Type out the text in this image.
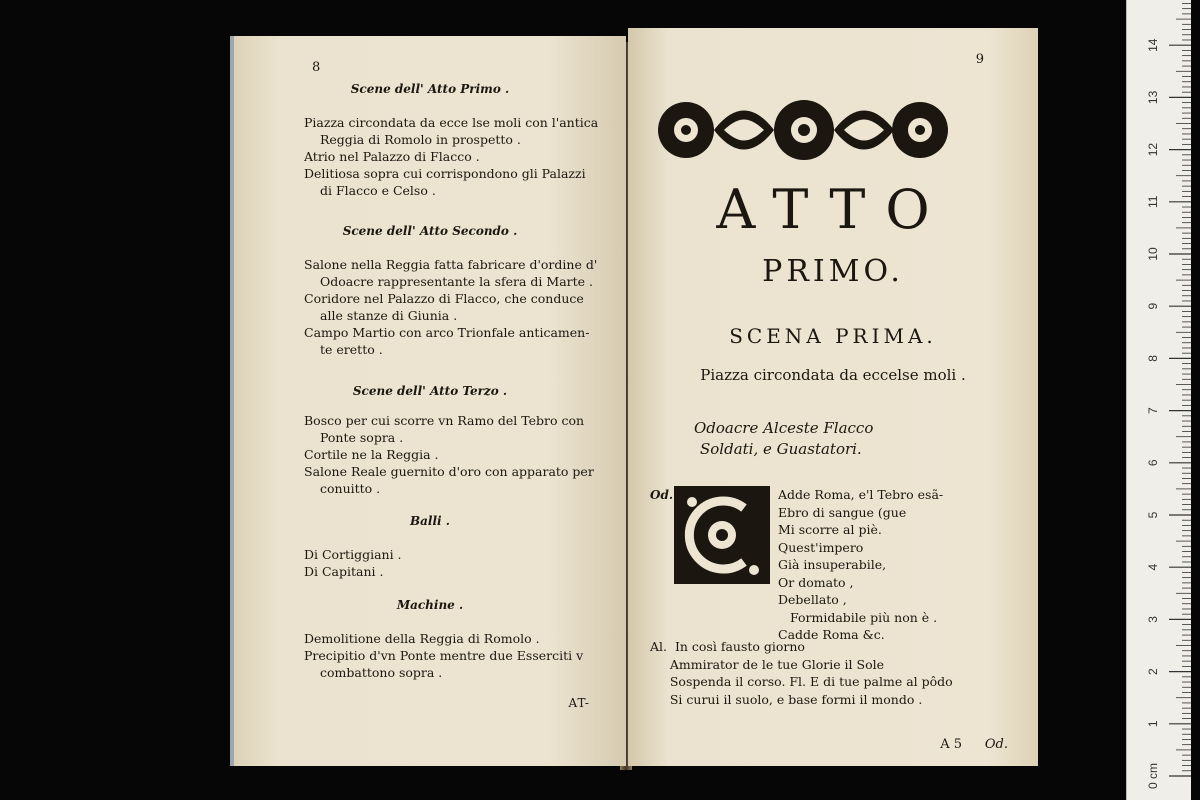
8
Scene dell' Atto Primo .
Piazza circondata da ecce lse moli con l'antica
Reggia di Romolo in prospetto .
Atrio nel Palazzo di Flacco .
Delitiosa sopra cui corrispondono gli Palazzi
di Flacco e Celso .
Scene dell' Atto Secondo .
Salone nella Reggia fatta fabricare d'ordine d'
Odoacre rappresentante la sfera di Marte .
Coridore nel Palazzo di Flacco, che conduce
alle stanze di Giunia .
Campo Martio con arco Trionfale anticamen-
te eretto .
Scene dell' Atto Terzo .
Bosco per cui scorre vn Ramo del Tebro con
Ponte sopra .
Cortile ne la Reggia .
Salone Reale guernito d'oro con apparato per
conuitto .
Balli .
Di Cortiggiani .
Di Capitani .
Machine .
Demolitione della Reggia di Romolo .
Precipitio d'vn Ponte mentre due Esserciti v
combattono sopra .
AT-
9
ATTO
PRIMO.
SCENA PRIMA.
Piazza circondata da eccelse moli .
Odoacre Alceste Flacco
Soldati, e Guastatori.
Od.	Adde Roma, e'l Tebro esã-
Ebro di sangue (gue
Mi scorre al piè.
Quest'impero
Già insuperabile,
Or domato ,
Debellato ,
Formidabile più non è .
Cadde Roma &c.
Al.  In così fausto giorno
Ammirator de le tue Glorie il Sole
Sospenda il corso. Fl. E di tue palme al pôdo
Si curui il suolo, e base formi il mondo .
A 5 Od.
0 cm
1
2
3
4
5
6
7
8
9
10
11
12
13
14
